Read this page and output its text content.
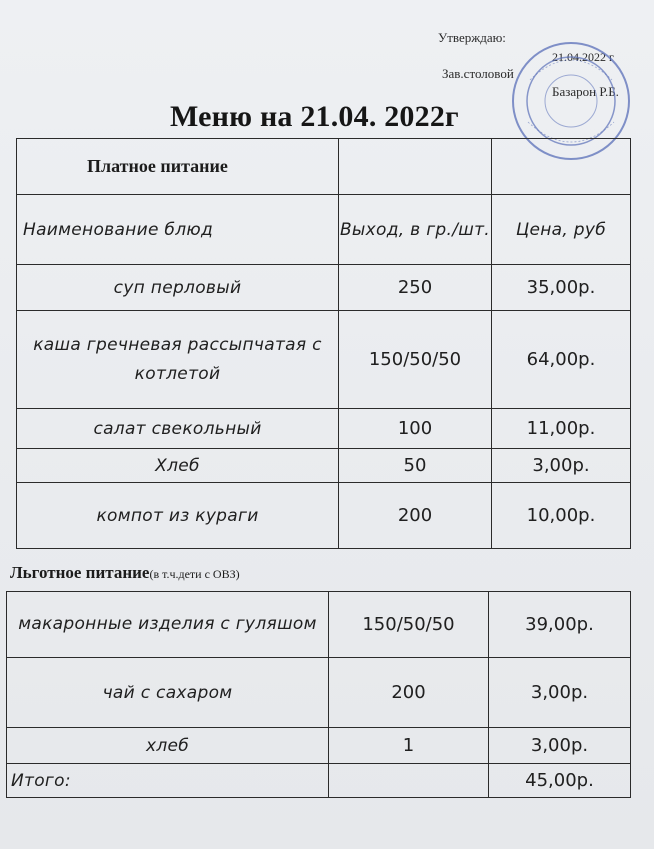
Утверждаю:
Зав.столовой
21.04.2022 г
Базарон Р.Б.
Меню на 21.04. 2022г
Платное питание		
Наименование блюд	Выход, в гр./шт.	Цена, руб
суп перловый	250	35,00р.
каша гречневая рассыпчатая с котлетой	150/50/50	64,00р.
салат свекольный	100	11,00р.
Хлеб	50	3,00р.
компот из кураги	200	10,00р.
Льготное питание(в т.ч.дети с ОВЗ)
макаронные изделия с гуляшом	150/50/50	39,00р.
чай с сахаром	200	3,00р.
хлеб	1	3,00р.
Итого:		45,00р.
